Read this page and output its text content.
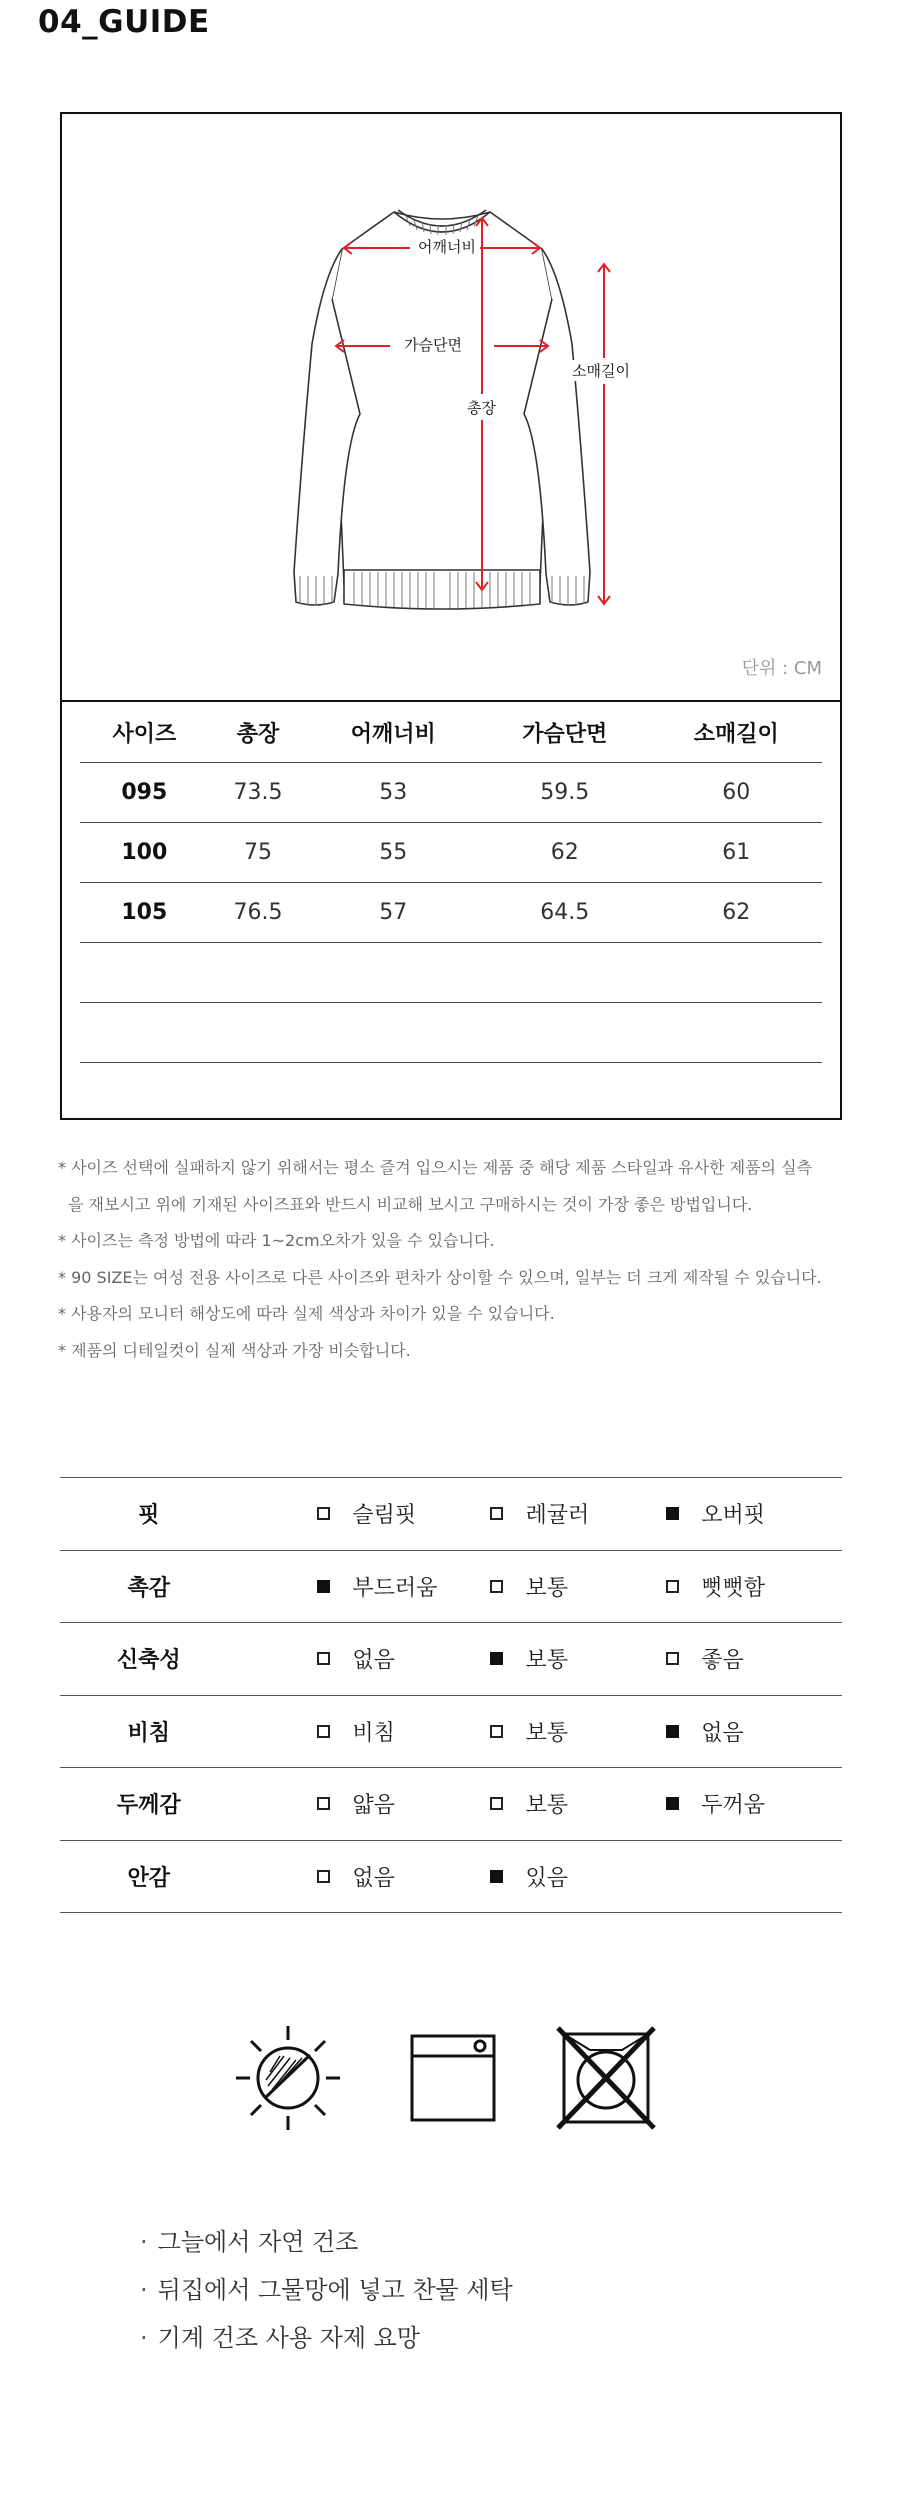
04_GUIDE
어깨너비
가슴단면
총장
소매길이
단위 : CM
사이즈	총장	어깨너비	가슴단면	소매길이
095	73.5	53	59.5	60
100	75	55	62	61
105	76.5	57	64.5	62

* 사이즈 선택에 실패하지 않기 위해서는 평소 즐겨 입으시는 제품 중 해당 제품 스타일과 유사한 제품의 실측

을 재보시고 위에 기재된 사이즈표와 반드시 비교해 보시고 구매하시는 것이 가장 좋은 방법입니다.

* 사이즈는 측정 방법에 따라 1~2cm오차가 있을 수 있습니다.

* 90 SIZE는 여성 전용 사이즈로 다른 사이즈와 편차가 상이할 수 있으며, 일부는 더 크게 제작될 수 있습니다.

* 사용자의 모니터 해상도에 따라 실제 색상과 차이가 있을 수 있습니다.

* 제품의 디테일컷이 실제 색상과 가장 비슷합니다.

핏	슬림핏	레귤러	오버핏

촉감	부드러움	보통	뻣뻣함

신축성	없음	보통	좋음

비침	비침	보통	없음

두께감	얇음	보통	두꺼움

안감	없음	있음	

· 그늘에서 자연 건조
· 뒤집에서 그물망에 넣고 찬물 세탁
· 기계 건조 사용 자제 요망
